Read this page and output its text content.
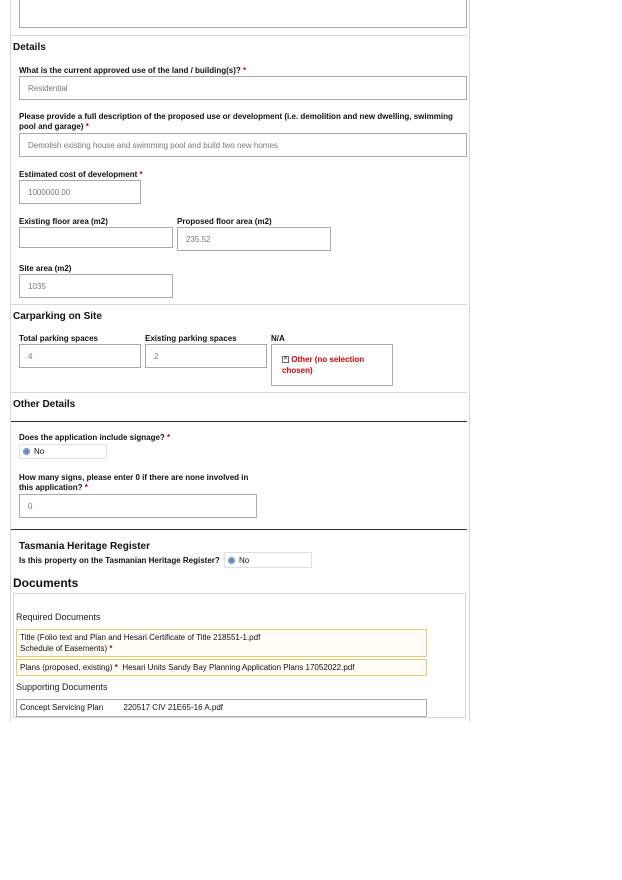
Details
What is the current approved use of the land / building(s)? *
Residential
Please provide a full description of the proposed use or development (i.e. demolition and new dwelling, swimming pool and garage) *
Demolish existing house and swimming pool and build two new homes
Estimated cost of development *
1000000.00
Existing floor area (m2)	Proposed floor area (m2)
235.52
Site area (m2)
1035
Carparking on Site
Total parking spaces
4
Existing parking spaces
2
N/A
× Other (no selection chosen)
Other Details
Does the application include signage? *
No
How many signs, please enter 0 if there are none involved in this application? *
0
Tasmania Heritage Register
Is this property on the Tasmanian Heritage Register? No
Documents
Required Documents
Title (Folio text and Plan and Hesari Certificate of Title 218551-1.pdf
Schedule of Easements) *
Plans (proposed, existing) * Hesari Units Sandy Bay Planning Application Plans 17052022.pdf
Supporting Documents
Concept Servicing Plan	220517 CIV 21E65-16 A.pdf
